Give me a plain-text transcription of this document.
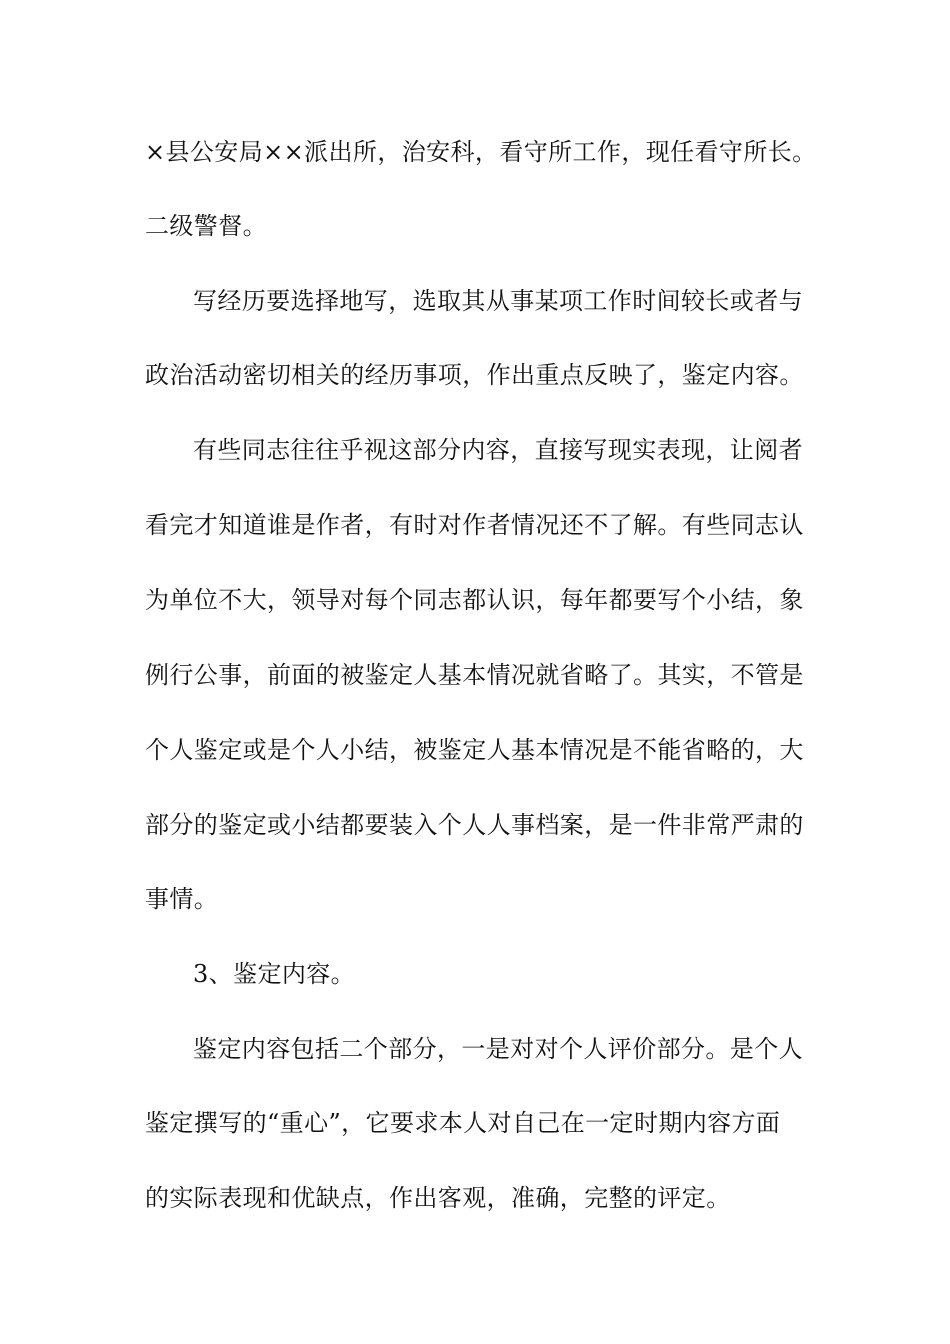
×县公安局××派出所，治安科，看守所工作，现任看守所长。
二级警督。
写经历要选择地写，选取其从事某项工作时间较长或者与
政治活动密切相关的经历事项，作出重点反映了，鉴定内容。
有些同志往往乎视这部分内容，直接写现实表现，让阅者
看完才知道谁是作者，有时对作者情况还不了解。有些同志认
为单位不大，领导对每个同志都认识，每年都要写个小结，象
例行公事，前面的被鉴定人基本情况就省略了。其实，不管是
个人鉴定或是个人小结，被鉴定人基本情况是不能省略的，大
部分的鉴定或小结都要装入个人人事档案，是一件非常严肃的
事情。
3、鉴定内容。
鉴定内容包括二个部分，一是对对个人评价部分。是个人
鉴定撰写的“重心”，它要求本人对自己在一定时期内容方面
的实际表现和优缺点，作出客观，准确，完整的评定。
